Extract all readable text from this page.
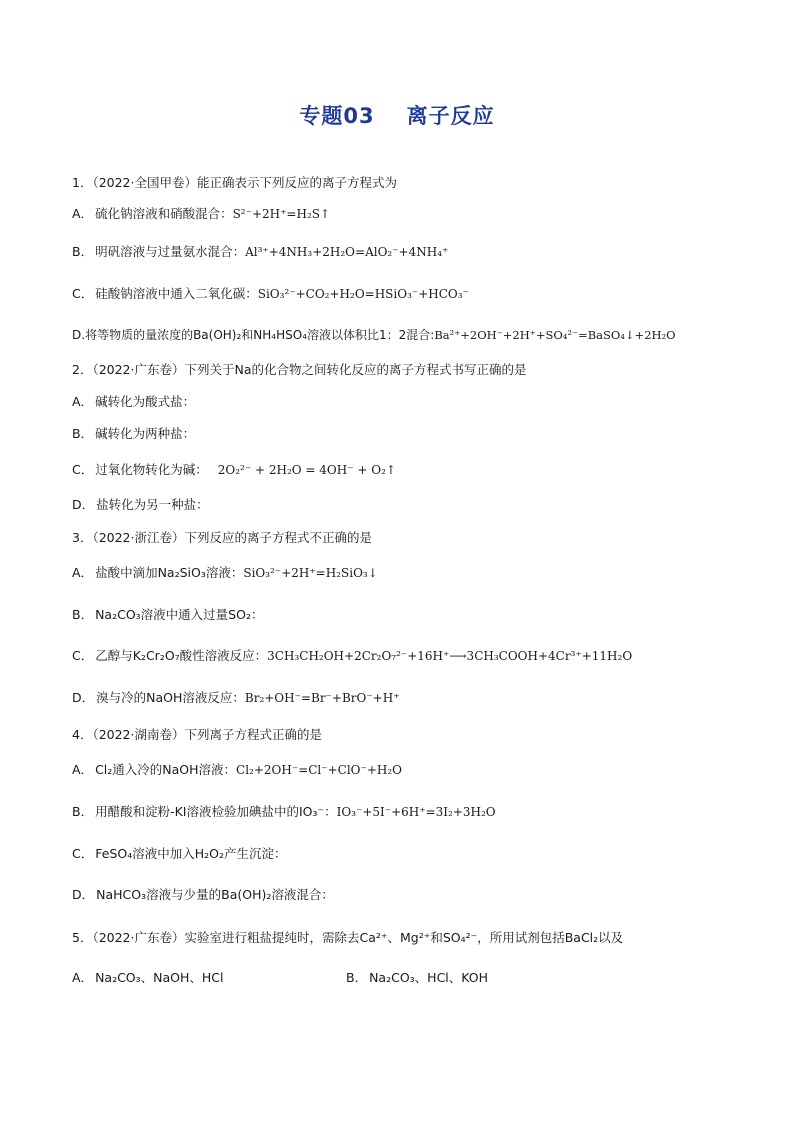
专题03 离子反应
1．（2022·全国甲卷）能正确表示下列反应的离子方程式为
A． 硫化钠溶液和硝酸混合：S²⁻+2H⁺=H₂S↑
B． 明矾溶液与过量氨水混合：Al³⁺+4NH₃+2H₂O=AlO₂⁻+4NH₄⁺
C． 硅酸钠溶液中通入二氧化碳：SiO₃²⁻+CO₂+H₂O=HSiO₃⁻+HCO₃⁻
D.将等物质的量浓度的Ba(OH)₂和NH₄HSO₄溶液以体积比1：2混合:Ba²⁺+2OH⁻+2H⁺+SO₄²⁻=BaSO₄↓+2H₂O
2．（2022·广东卷）下列关于Na的化合物之间转化反应的离子方程式书写正确的是
A． 碱转化为酸式盐：
B． 碱转化为两种盐：
C． 过氧化物转化为碱： 2O₂²⁻ + 2H₂O = 4OH⁻ + O₂↑
D． 盐转化为另一种盐：
3．（2022·浙江卷）下列反应的离子方程式不正确的是
A． 盐酸中滴加Na₂SiO₃溶液：SiO₃²⁻+2H⁺=H₂SiO₃↓
B． Na₂CO₃溶液中通入过量SO₂：
C． 乙醇与K₂Cr₂O₇酸性溶液反应：3CH₃CH₂OH+2Cr₂O₇²⁻+16H⁺⟶3CH₃COOH+4Cr³⁺+11H₂O
D． 溴与冷的NaOH溶液反应：Br₂+OH⁻=Br⁻+BrO⁻+H⁺
4．（2022·湖南卷）下列离子方程式正确的是
A． Cl₂通入冷的NaOH溶液：Cl₂+2OH⁻=Cl⁻+ClO⁻+H₂O
B． 用醋酸和淀粉-KI溶液检验加碘盐中的IO₃⁻：IO₃⁻+5I⁻+6H⁺=3I₂+3H₂O
C． FeSO₄溶液中加入H₂O₂产生沉淀：
D． NaHCO₃溶液与少量的Ba(OH)₂溶液混合：
5．（2022·广东卷）实验室进行粗盐提纯时，需除去Ca²⁺、Mg²⁺和SO₄²⁻，所用试剂包括BaCl₂以及
A． Na₂CO₃、NaOH、HCl	B． Na₂CO₃、HCl、KOH
